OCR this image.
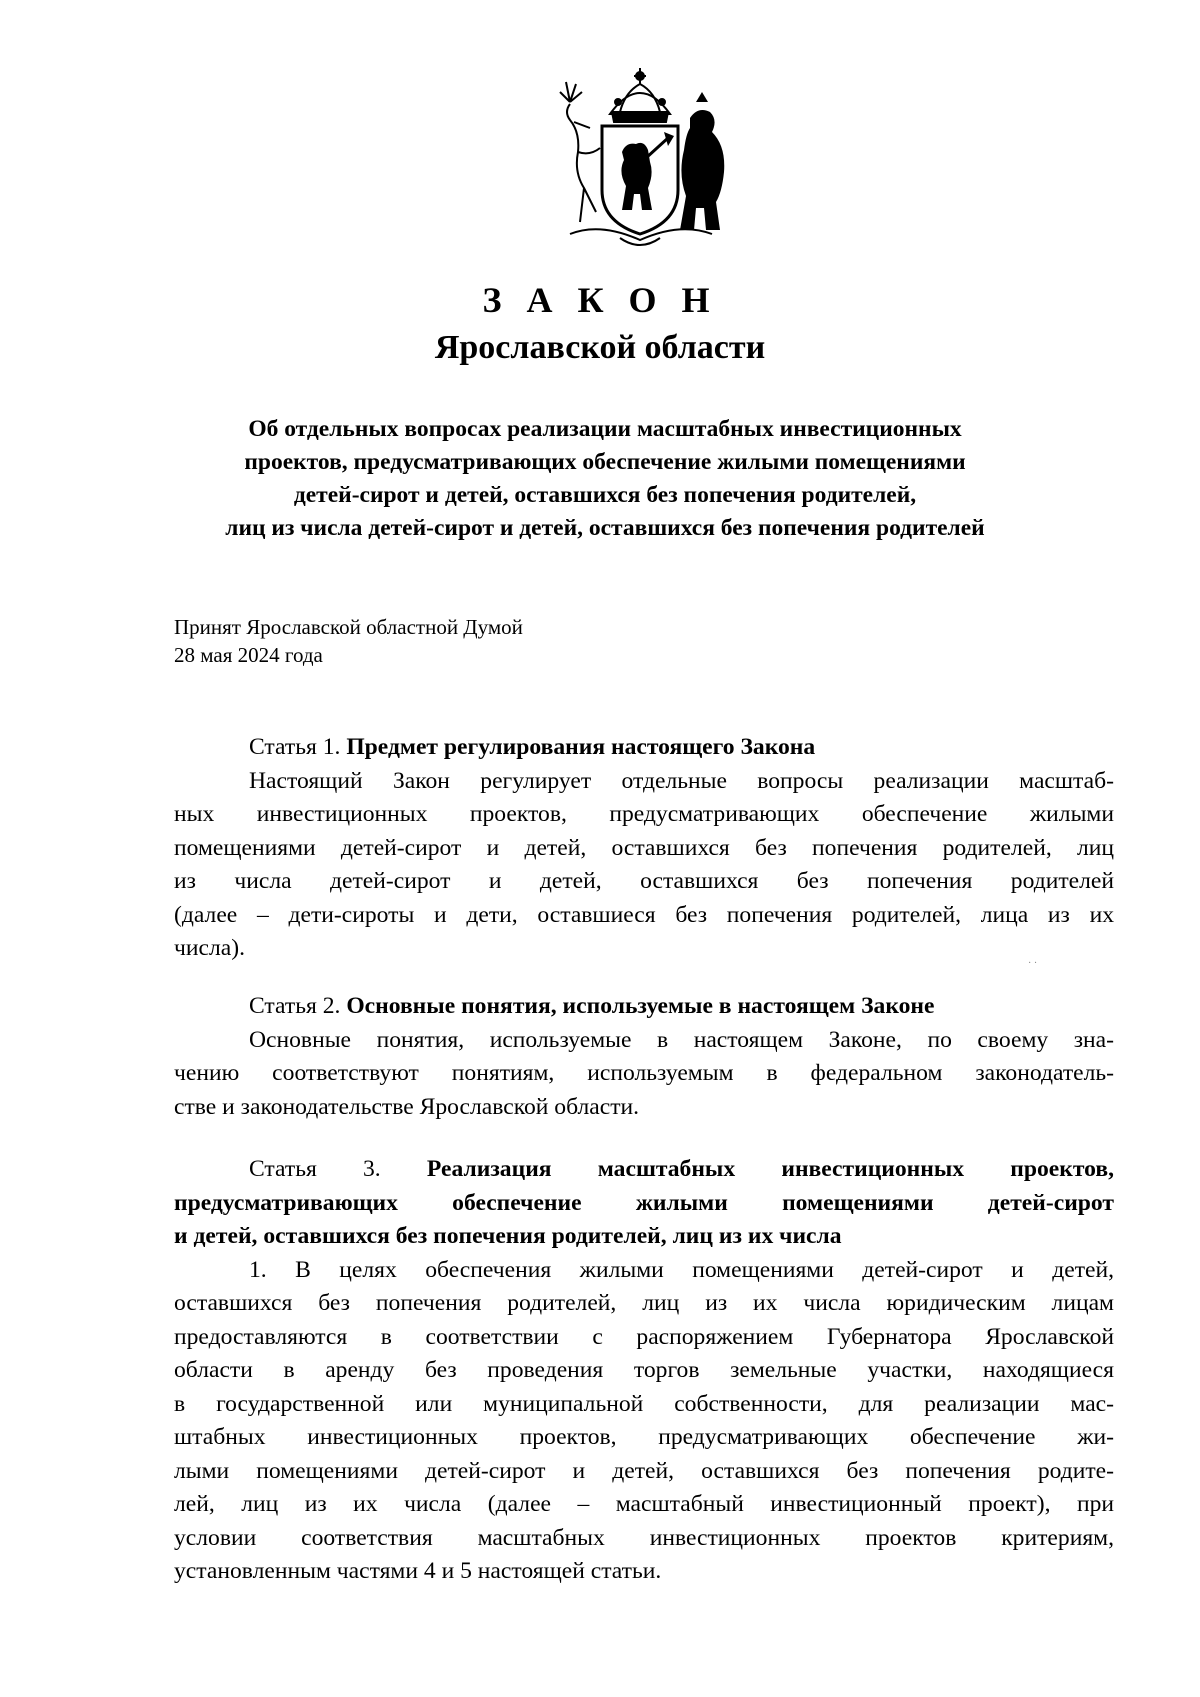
З А К О Н
Ярославской области
Об отдельных вопросах реализации масштабных инвестиционных
проектов, предусматривающих обеспечение жилыми помещениями
детей-сирот и детей, оставшихся без попечения родителей,
лиц из числа детей-сирот и детей, оставшихся без попечения родителей
Принят Ярославской областной Думой
28 мая 2024 года
Статья 1. Предмет регулирования настоящего Закона
Настоящий Закон регулирует отдельные вопросы реализации масштаб-
ных инвестиционных проектов, предусматривающих обеспечение жилыми
помещениями детей-сирот и детей, оставшихся без попечения родителей, лиц
из числа детей-сирот и детей, оставшихся без попечения родителей
(далее – дети-сироты и дети, оставшиеся без попечения родителей, лица из их
числа).
· ·
Статья 2. Основные понятия, используемые в настоящем Законе
Основные понятия, используемые в настоящем Законе, по своему зна-
чению соответствуют понятиям, используемым в федеральном законодатель-
стве и законодательстве Ярославской области.
Статья 3. Реализация масштабных инвестиционных проектов,
предусматривающих обеспечение жилыми помещениями детей-сирот
и детей, оставшихся без попечения родителей, лиц из их числа
1. В целях обеспечения жилыми помещениями детей-сирот и детей,
оставшихся без попечения родителей, лиц из их числа юридическим лицам
предоставляются в соответствии с распоряжением Губернатора Ярославской
области в аренду без проведения торгов земельные участки, находящиеся
в государственной или муниципальной собственности, для реализации мас-
штабных инвестиционных проектов, предусматривающих обеспечение жи-
лыми помещениями детей-сирот и детей, оставшихся без попечения родите-
лей, лиц из их числа (далее – масштабный инвестиционный проект), при
условии соответствия масштабных инвестиционных проектов критериям,
установленным частями 4 и 5 настоящей статьи.
